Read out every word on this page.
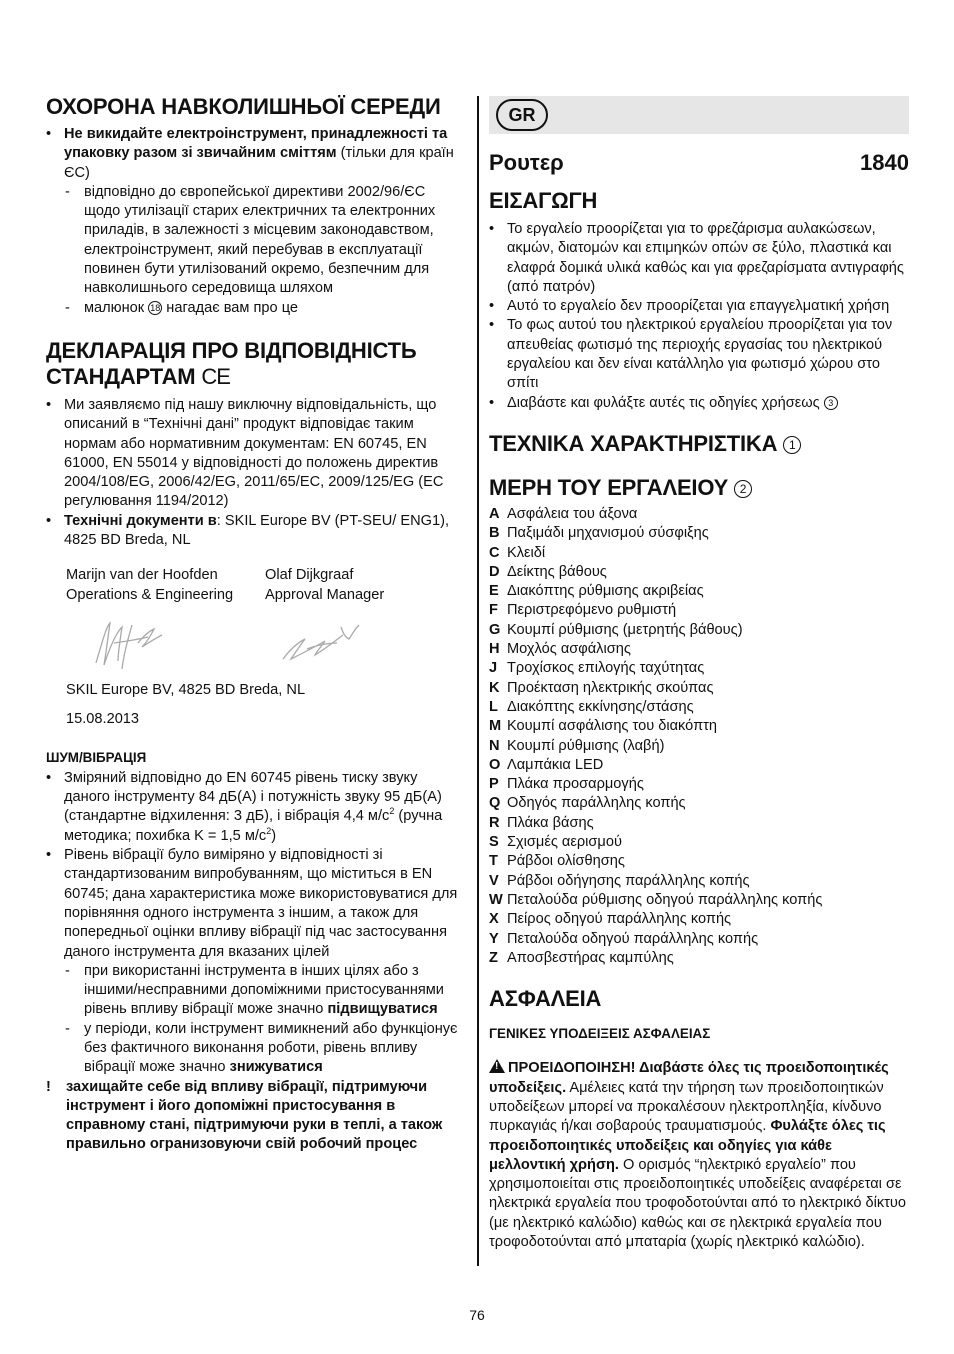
ОХОРОНА НАВКОЛИШНЬОЇ СЕРЕДИ
• Не викидайте електроінструмент, принадлежності та упаковку разом зі звичайним сміттям (тільки для країн ЄС)
- відповідно до європейської директиви 2002/96/ЄС щодо утилізації старих електричних та електронних приладів, в залежності з місцевим законодавством, електроінструмент, який перебував в експлуатації повинен бути утилізований окремо, безпечним для навколишнього середовища шляхом
- малюнок 18 нагадає вам про це
ДЕКЛАРАЦІЯ ПРО ВІДПОВІДНІСТЬ
СТАНДАРТАМ CE
• Ми заявляємо під нашу виключну відповідальність, що описаний в “Технічні дані” продукт відповідає таким нормам або нормативним документам: EN 60745, EN 61000, EN 55014 у відповідності до положень директив 2004/108/EG, 2006/42/EG, 2011/65/EC, 2009/125/EG (ЕС регулювання 1194/2012)
• Технічні документи в: SKIL Europe BV (PT-SEU/ ENG1), 4825 BD Breda, NL
Marijn van der Hoofden
Operations & Engineering
Olaf Dijkgraaf
Approval Manager
SKIL Europe BV, 4825 BD Breda, NL
15.08.2013

ШУМ/ВІБРАЦІЯ

• Зміряний відповідно до EN 60745 рівень тиску звуку даного інструменту 84 дБ(A) і потужність звуку 95 дБ(A) (стандартне відхилення: 3 дБ), і вібрація 4,4 $м/с^2$ (ручна методика; похибка K = 1,5 $м/с^2$)
• Рівень вібрації було виміряно у відповідності зі стандартизованим випробуванням, що міститься в EN 60745; дана характеристика може використовуватися для порівняння одного інструмента з іншим, а також для попередньої оцінки впливу вібрації під час застосування даного інструмента для вказаних цілей
- при використанні інструмента в інших цілях або з іншими/несправними допоміжними пристосуваннями рівень впливу вібрації може значно підвищуватися
- у періоди, коли інструмент вимикнений або функціонує без фактичного виконання роботи, рівень впливу вібрації може значно знижуватися
! захищайте себе від впливу вібрації, підтримуючи інструмент і його допоміжні пристосування в справному стані, підтримуючи руки в теплі, а також правильно огранизовуючи свій робочий процес
GR
Ρουτερ	1840
ΕΙΣΑΓΩΓΗ
• Το εργαλείο προορίζεται για το φρεζάρισμα αυλακώσεων, ακμών, διατομών και επιμηκών οπών σε ξύλο, πλαστικά και ελαφρά δομικά υλικά καθώς και για φρεζαρίσματα αντιγραφής (από πατρόν)
• Αυτό το εργαλείο δεν προορίζεται για επαγγελματική χρήση
• Το φως αυτού του ηλεκτρικού εργαλείου προορίζεται για τον απευθείας φωτισμό της περιοχής εργασίας του ηλεκτρικού εργαλείου και δεν είναι κατάλληλο για φωτισμό χώρου στο σπίτι
• Διαβάστε και φυλάξτε αυτές τις οδηγίες χρήσεως 3
ΤΕΧΝΙΚΑ ΧΑΡΑΚΤΗΡΙΣΤΙΚΑ 1
ΜΕΡΗ ΤΟΥ ΕΡΓΑΛΕΙΟΥ 2
A Ασφάλεια του άξονα
B Παξιμάδι μηχανισμού σύσφιξης
C Κλειδί
D Δείκτης βάθους
E Διακόπτης ρύθμισης ακριβείας
F Περιστρεφόμενο ρυθμιστή
G Κουμπί ρύθμισης (μετρητής βάθους)
H Μοχλός ασφάλισης
J Τροχίσκος επιλογής ταχύτητας
K Προέκταση ηλεκτρικής σκούπας
L Διακόπτης εκκίνησης/στάσης
M Κουμπί ασφάλισης του διακόπτη
N Κουμπί ρύθμισης (λαβή)
O Λαμπάκια LED
P Πλάκα προσαρμογής
Q Οδηγός παράλληλης κοπής
R Πλάκα βάσης
S Σχισμές αερισμού
T Ράβδοι ολίσθησης
V Ράβδοι οδήγησης παράλληλης κοπής
W Πεταλούδα ρύθμισης οδηγού παράλληλης κοπής
X Πείρος οδηγού παράλληλης κοπής
Y Πεταλούδα οδηγού παράλληλης κοπής
Z Αποσβεστήρας καμπύλης
ΑΣΦΑΛΕΙΑ

ΓΕΝΙΚΕΣ ΥΠΟΔΕΙΞΕΙΣ ΑΣΦΑΛΕΙΑΣ

! ΠΡΟΕΙΔΟΠΟΙΗΣΗ! Διαβάστε όλες τις προειδοποιητικές υποδείξεις. Αμέλειες κατά την τήρηση των προειδοποιητικών υποδείξεων μπορεί να προκαλέσουν ηλεκτροπληξία, κίνδυνο πυρκαγιάς ή/και σοβαρούς τραυματισμούς. Φυλάξτε όλες τις προειδοποιητικές υποδείξεις και οδηγίες για κάθε μελλοντική χρήση. Ο ορισμός “ηλεκτρικό εργαλείο” που χρησιμοποιείται στις προειδοποιητικές υποδείξεις αναφέρεται σε ηλεκτρικά εργαλεία που τροφοδοτούνται από το ηλεκτρικό δίκτυο (με ηλεκτρικό καλώδιο) καθώς και σε ηλεκτρικά εργαλεία που τροφοδοτούνται από μπαταρία (χωρίς ηλεκτρικό καλώδιο).

76
